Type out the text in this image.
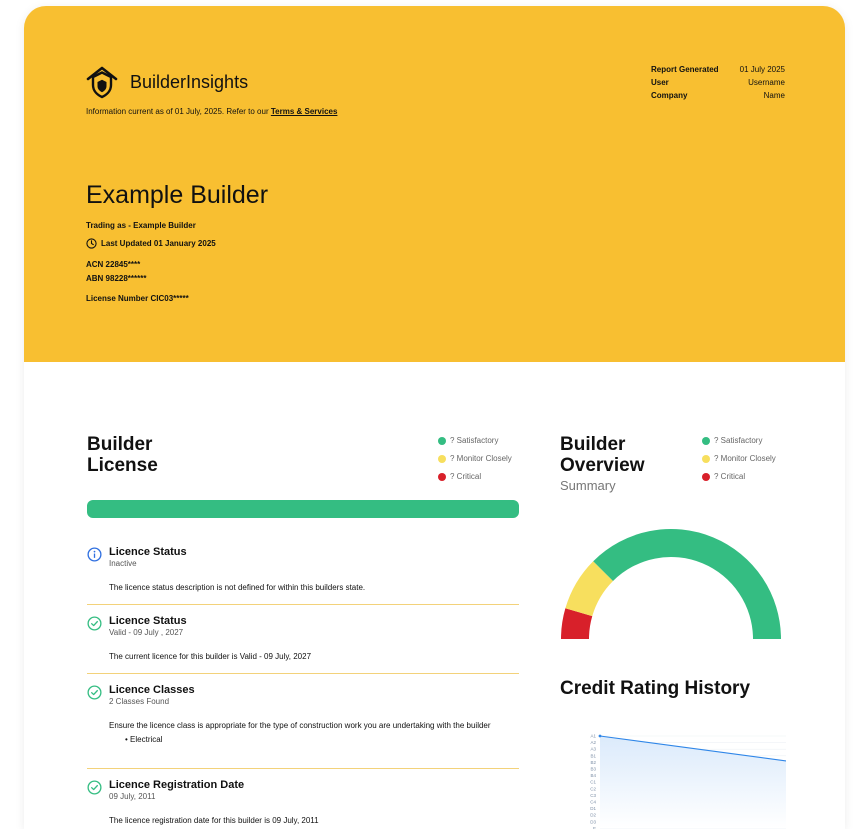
BuilderInsights
Information current as of 01 July, 2025. Refer to our Terms & Services
Report Generated	01 July 2025
User	Username
Company	Name
Example Builder
Trading as - Example Builder
Last Updated 01 January 2025
ACN 22845****
ABN 98228******
License Number CIC03*****
Builder
License
? Satisfactory
? Monitor Closely
? Critical
Licence Status
Inactive
The licence status description is not defined for within this builders state.
Licence Status
Valid - 09 July , 2027
The current licence for this builder is Valid - 09 July, 2027
Licence Classes
2 Classes Found
Ensure the licence class is appropriate for the type of construction work you are undertaking with the builder
• Electrical
Licence Registration Date
09 July, 2011
The licence registration date for this builder is 09 July, 2011
Builder
Overview
Summary
? Satisfactory
? Monitor Closely
? Critical
Credit Rating History
A1
A2
A3
B1
B2
B3
B4
C1
C2
C3
C4
D1
D2
D3
E
